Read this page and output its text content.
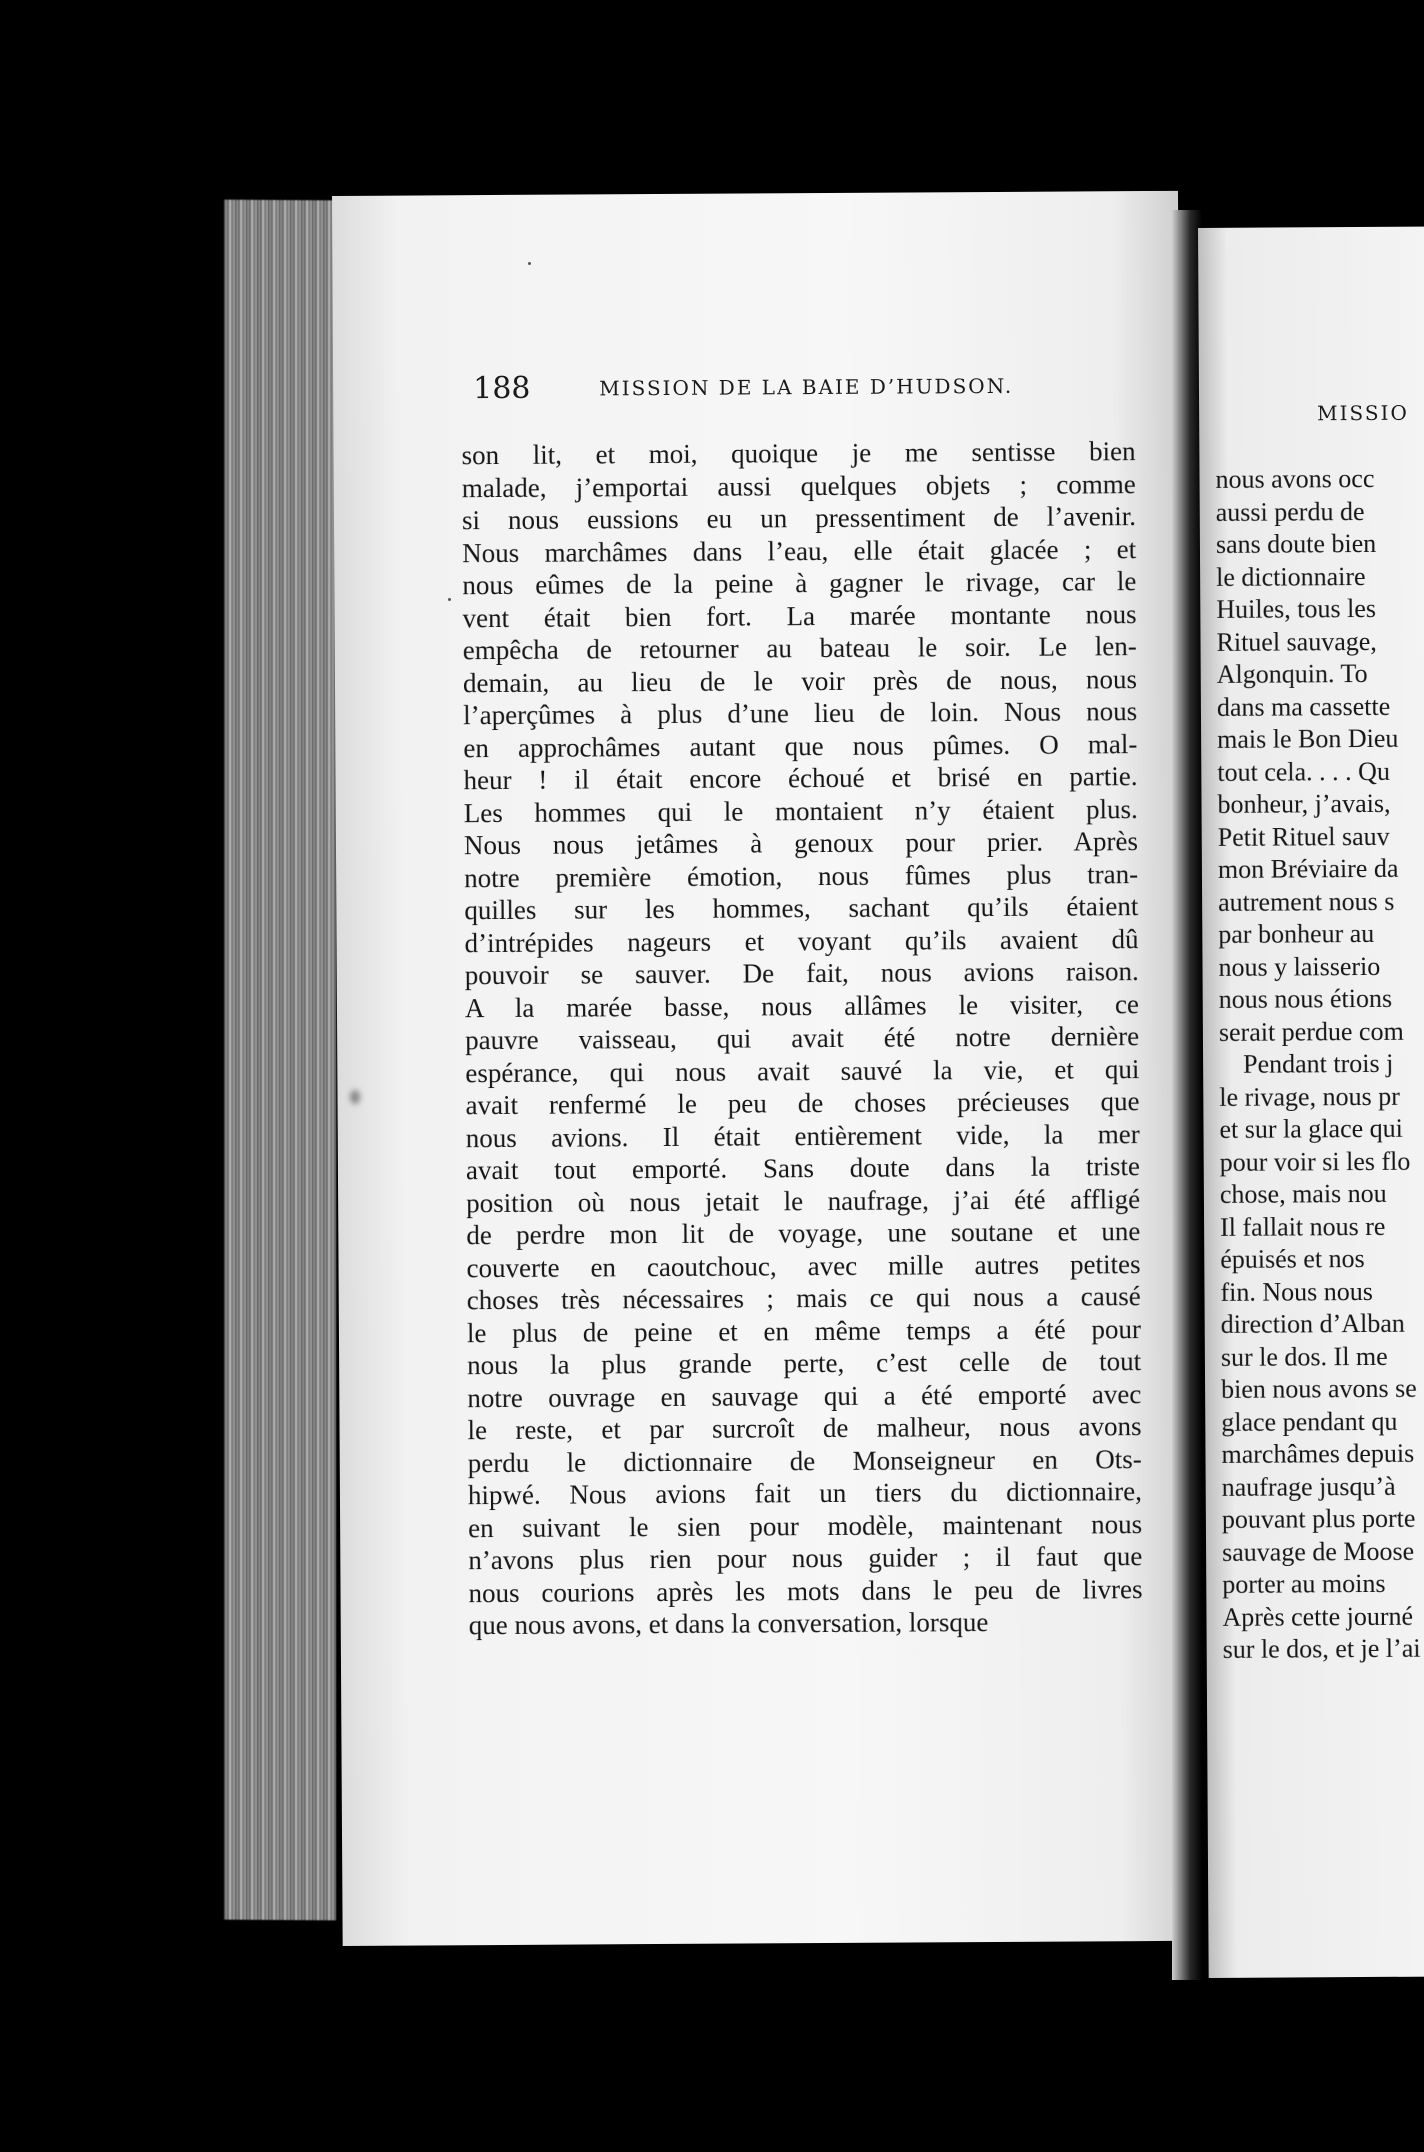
188	MISSION DE LA BAIE D’HUDSON.
son lit, et moi, quoique je me sentisse bien
malade, j’emportai aussi quelques objets ; comme
si nous eussions eu un pressentiment de l’avenir.
Nous marchâmes dans l’eau, elle était glacée ; et
nous eûmes de la peine à gagner le rivage, car le
vent était bien fort. La marée montante nous
empêcha de retourner au bateau le soir. Le len-
demain, au lieu de le voir près de nous, nous
l’aperçûmes à plus d’une lieu de loin. Nous nous
en approchâmes autant que nous pûmes. O mal-
heur ! il était encore échoué et brisé en partie.
Les hommes qui le montaient n’y étaient plus.
Nous nous jetâmes à genoux pour prier. Après
notre première émotion, nous fûmes plus tran-
quilles sur les hommes, sachant qu’ils étaient
d’intrépides nageurs et voyant qu’ils avaient dû
pouvoir se sauver. De fait, nous avions raison.
A la marée basse, nous allâmes le visiter, ce
pauvre vaisseau, qui avait été notre dernière
espérance, qui nous avait sauvé la vie, et qui
avait renfermé le peu de choses précieuses que
nous avions. Il était entièrement vide, la mer
avait tout emporté. Sans doute dans la triste
position où nous jetait le naufrage, j’ai été affligé
de perdre mon lit de voyage, une soutane et une
couverte en caoutchouc, avec mille autres petites
choses très nécessaires ; mais ce qui nous a causé
le plus de peine et en même temps a été pour
nous la plus grande perte, c’est celle de tout
notre ouvrage en sauvage qui a été emporté avec
le reste, et par surcroît de malheur, nous avons
perdu le dictionnaire de Monseigneur en Ots-
hipwé. Nous avions fait un tiers du dictionnaire,
en suivant le sien pour modèle, maintenant nous
n’avons plus rien pour nous guider ; il faut que
nous courions après les mots dans le peu de livres
que nous avons, et dans la conversation, lorsque
MISSIO
nous avons occ
aussi perdu de
sans doute bien
le dictionnaire
Huiles, tous les
Rituel sauvage,
Algonquin. To
dans ma cassette
mais le Bon Dieu
tout cela. . . . Qu
bonheur, j’avais,
Petit Rituel sauv
mon Bréviaire da
autrement nous s
par bonheur au
nous y laisserio
nous nous étions
serait perdue com
Pendant trois j
le rivage, nous pr
et sur la glace qui
pour voir si les flo
chose, mais nou
Il fallait nous re
épuisés et nos
fin. Nous nous
direction d’Alban
sur le dos. Il me
bien nous avons se
glace pendant qu
marchâmes depuis
naufrage jusqu’à
pouvant plus porte
sauvage de Moose
porter au moins
Après cette journé
sur le dos, et je l’ai
